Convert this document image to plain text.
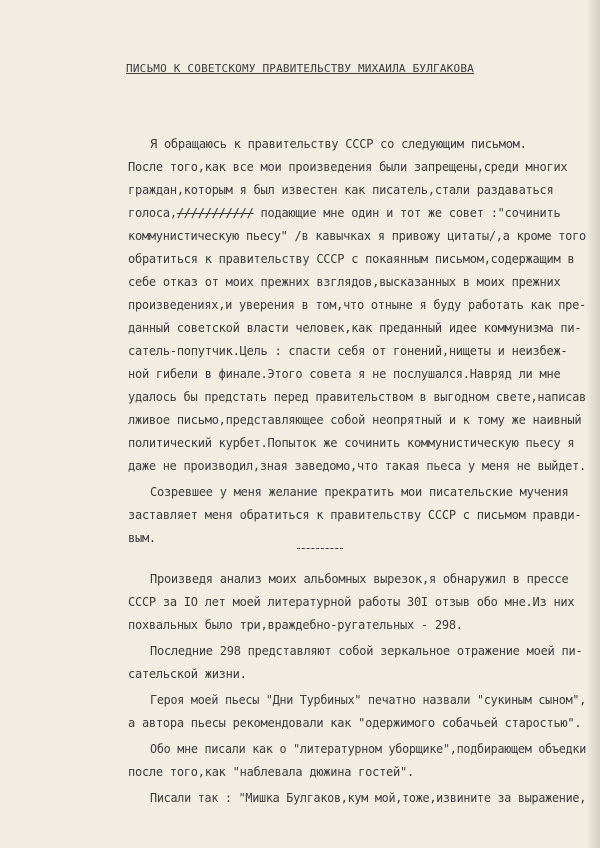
ПИСЬМО К СОВЕТСКОМУ ПРАВИТЕЛЬСТВУ МИХАИЛА БУЛГАКОВА
Я обращаюсь к правительству СССР со следующим письмом.
После того,как все мои произведения были запрещены,среди многих
граждан,которым я был известен как писатель,стали раздаваться
голоса,/////////// подающие мне один и тот же совет :"сочинить
коммунистическую пьесу" /в кавычках я привожу цитаты/,а кроме того
обратиться к правительству СССР с покаянным письмом,содержащим в
себе отказ от моих прежних взглядов,высказанных в моих прежних
произведениях,и уверения в том,что отныне я буду работать как пре-
данный советской власти человек,как преданный идее коммунизма пи-
сатель-попутчик.Цель : спасти себя от гонений,нищеты и неизбеж-
ной гибели в финале.Этого совета я не послушался.Навряд ли мне
удалось бы предстать перед правительством в выгодном свете,написав
лживое письмо,представляющее собой неопрятный и к тому же наивный
политический курбет.Попыток же сочинить коммунистическую пьесу я
даже не производил,зная заведомо,что такая пьеса у меня не выйдет.
Созревшее у меня желание прекратить мои писательские мучения
заставляет меня обратиться к правительству СССР с письмом правди-
вым.
Произведя анализ моих альбомных вырезок,я обнаружил в прессе
СССР за IO лет моей литературной работы 30I отзыв обо мне.Из них
похвальных было три,враждебно-ругательных - 298.
Последние 298 представляют собой зеркальное отражение моей пи-
сательской жизни.
Героя моей пьесы "Дни Турбиных" печатно назвали "сукиным сыном",
а автора пьесы рекомендовали как "одержимого собачьей старостью".
Обо мне писали как о "литературном уборщике",подбирающем объедки
после того,как "наблевала дюжина гостей".
Писали так : "Мишка Булгаков,кум мой,тоже,извините за выражение,
